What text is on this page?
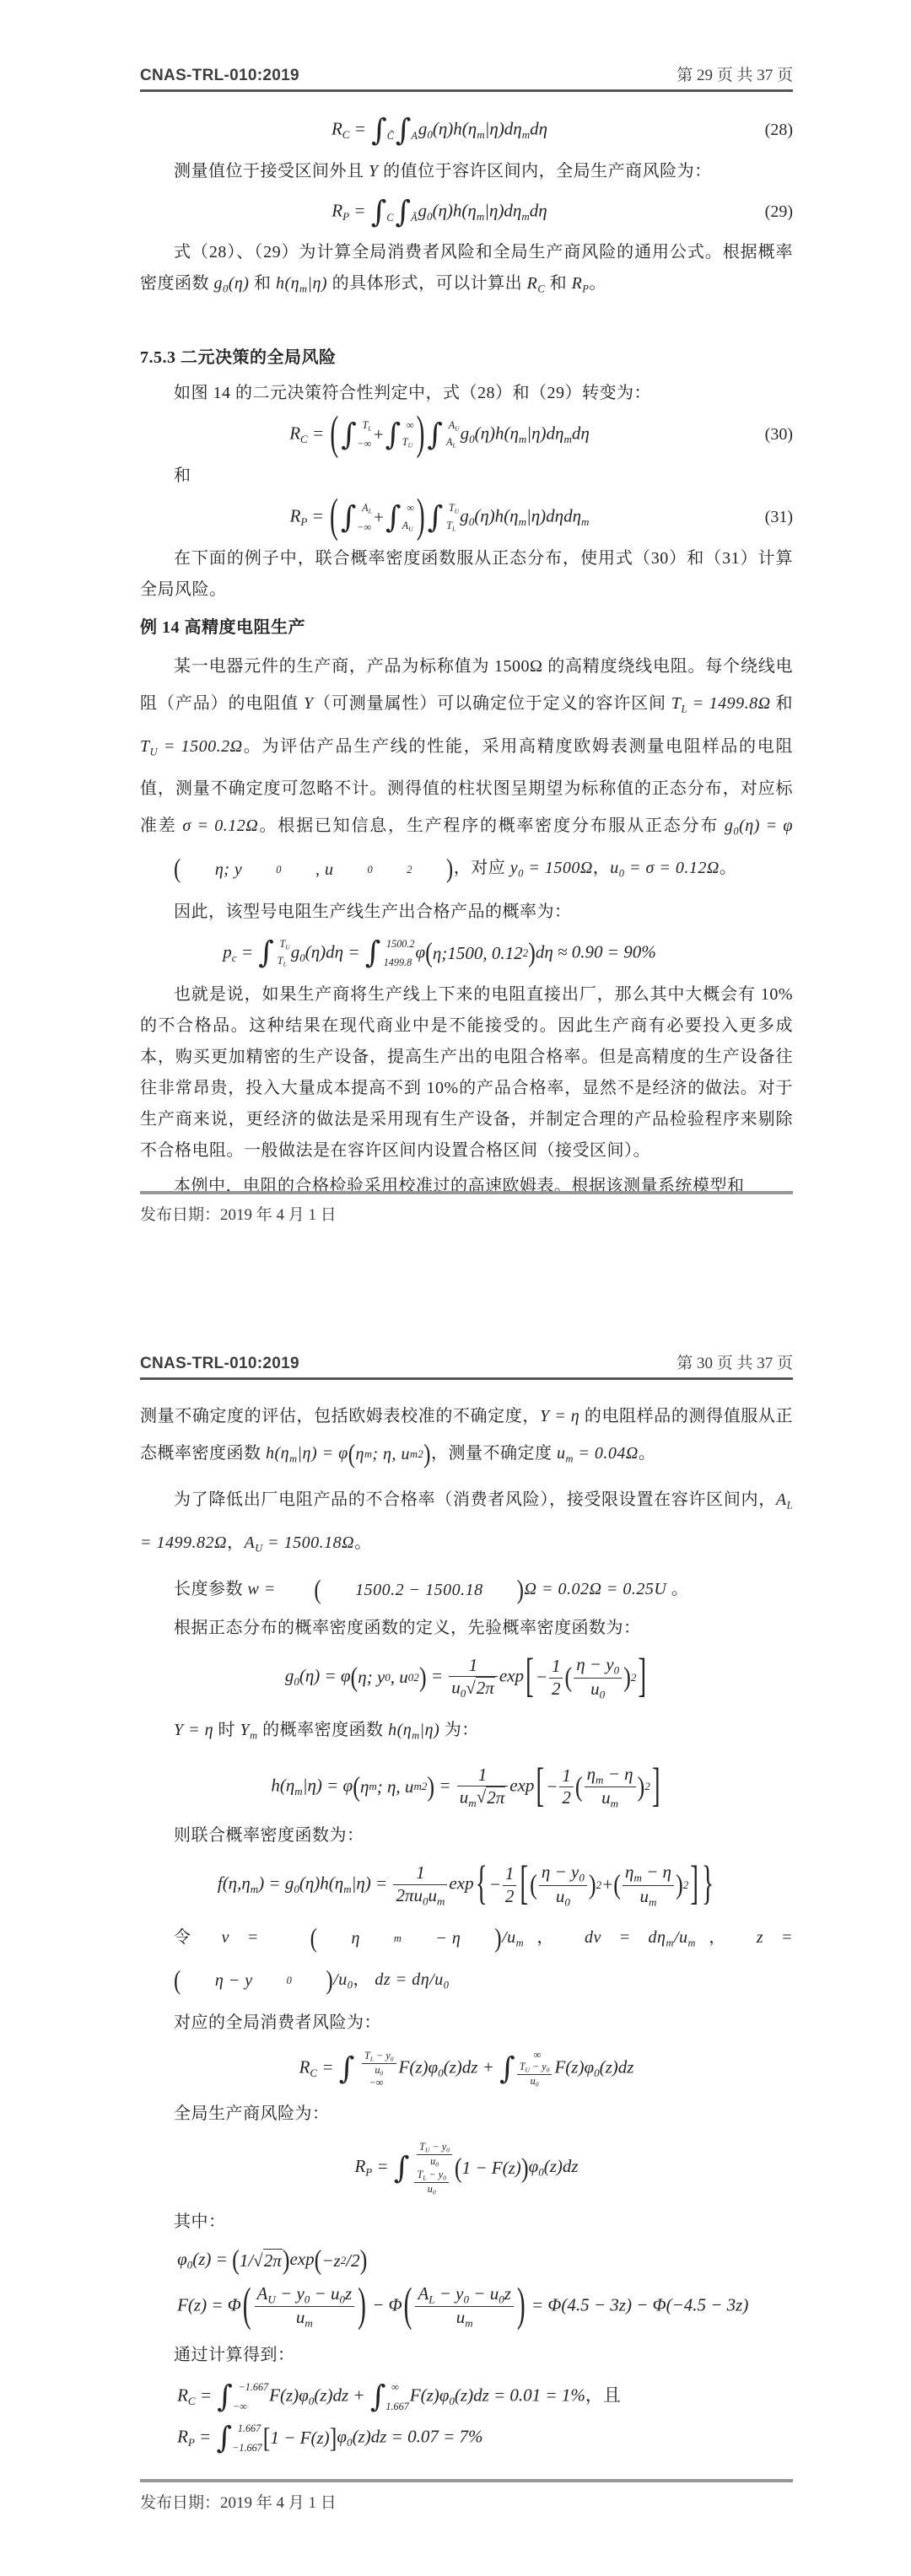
CNAS-TRL-010:2019	第 29 页 共 37 页
$R_C$ = ∫ C̃ ∫ A $g_0(\eta)h(\eta_m|\eta)d\eta_md\eta$	(28)

测量值位于接受区间外且 Y 的值位于容许区间内，全局生产商风险为：

$R_P$ = ∫ C ∫ Ã $g_0(\eta)h(\eta_m|\eta)d\eta_md\eta$	(29)

式（28）、（29）为计算全局消费者风险和全局生产商风险的通用公式。根据概率密度函数 $g_0(\eta)$ 和 $h(\eta_m|\eta)$ 的具体形式，可以计算出 $R_C$ 和 $R_P$。

7.5.3 二元决策的全局风险

如图 14 的二元决策符合性判定中，式（28）和（29）转变为：

$R_C$ = ( ∫ $T_L$
−∞ + ∫ ∞
$T_U$ ) ∫ $A_U$
$A_L$
$g_0(\eta)h(\eta_m|\eta)d\eta_md\eta$	(30)

和

$R_P$ = ( ∫ $A_L$
−∞ + ∫ ∞
$A_U$ ) ∫ $T_U$
$T_L$
$g_0(\eta)h(\eta_m|\eta)d\eta d\eta_m$	(31)

在下面的例子中，联合概率密度函数服从正态分布，使用式（30）和（31）计算全局风险。

例 14 高精度电阻生产

某一电器元件的生产商，产品为标称值为 1500Ω 的高精度绕线电阻。每个绕线电阻（产品）的电阻值 Y（可测量属性）可以确定位于定义的容许区间 $T_L = 1499.8\Omega$ 和 $T_U = 1500.2\Omega$。为评估产品生产线的性能，采用高精度欧姆表测量电阻样品的电阻值，测量不确定度可忽略不计。测得值的柱状图呈期望为标称值的正态分布，对应标准差 σ = 0.12Ω。根据已知信息，生产程序的概率密度分布服从正态分布 $g_0(\eta) = \varphi$
(	η; y	0	, u	0	2	) ，对应 $y_0 = 1500\Omega$，$u_0 = \sigma = 0.12\Omega$。

因此，该型号电阻生产线生产出合格产品的概率为：

$p_c$ = ∫ $T_U$
$T_L$
$g_0(\eta)d\eta$ = ∫ 1500.2
1499.8
φ ( η;1500, 0.12 2 ) dη ≈ 0.90 = 90%

也就是说，如果生产商将生产线上下来的电阻直接出厂，那么其中大概会有 10%的不合格品。这种结果在现代商业中是不能接受的。因此生产商有必要投入更多成本，购买更加精密的生产设备，提高生产出的电阻合格率。但是高精度的生产设备往往非常昂贵，投入大量成本提高不到 10%的产品合格率，显然不是经济的做法。对于生产商来说，更经济的做法是采用现有生产设备，并制定合理的产品检验程序来剔除不合格电阻。一般做法是在容许区间内设置合格区间（接受区间）。

本例中，电阻的合格检验采用校准过的高速欧姆表。根据该测量系统模型和

发布日期：2019 年 4 月 1 日
CNAS-TRL-010:2019	第 30 页 共 37 页

测量不确定度的评估，包括欧姆表校准的不确定度，Y = η 的电阻样品的测得值服从正态概率密度函数 $h(\eta_m|\eta) = \varphi$ ( η m ; η, u m 2 ) ，测量不确定度 $u_m = 0.04\Omega$。

为了降低出厂电阻产品的不合格率（消费者风险），接受限设置在容许区间内，$A_L = 1499.82\Omega$，$A_U = 1500.18\Omega$。

长度参数 w =	(	1500.2 − 1500.18	) Ω = 0.02Ω = 0.25U 。

根据正态分布的概率密度函数的定义，先验概率密度函数为：

$g_0(\eta) = \varphi$ ( η; y 0 , u 0 2 ) = $\frac{1}{u_0 √ 2\pi}$ exp [ − $\frac{1}{2}$ ( $\frac{\eta - y_0}{u_0}$ ) 2 ]

Y = η 时 $Y_m$ 的概率密度函数 $h(\eta_m|\eta)$ 为：

$h(\eta_m|\eta) = \varphi$ ( η m ; η, u m 2 ) = $\frac{1}{u_m √ 2\pi}$ exp [ − $\frac{1}{2}$ ( $\frac{\eta_m - \eta}{u_m}$ ) 2 ]

则联合概率密度函数为：

$f(\eta,\eta_m) = g_0(\eta)h(\eta_m|\eta) = \frac{1}{2\pi u_0u_m}$ exp { − $\frac{1}{2}$ [ ( $\frac{\eta - y_0}{u_0}$ ) 2 + ( $\frac{\eta_m - \eta}{u_m}$ ) 2 ] }

令 v =	(	η	m	− η	) $/u_m$， dv = $d\eta_m/u_m$， z =
(	η − y	0	) $/u_0$， dz = $d\eta/u_0$

对应的全局消费者风险为：

$R_C$ = ∫ $\frac{T_L - y_0}{u_0}$
−∞
$F(z)\varphi_0(z)dz$ + ∫	∞
$\frac{T_U - y_0}{u_0} F(z)\varphi_0(z)dz$

全局生产商风险为：

$R_P$ = ∫ $\frac{T_U - y_0}{u_0}$
$\frac{T_L - y_0}{u_0}$ ( 1 − F(z) ) $\varphi_0(z)dz$

其中：

$\varphi_0(z)$ = ( 1/ √ 2π ) exp ( −z 2 /2 )
F(z) = Φ ( $\frac{A_U - y_0 - u_0z}{u_m}$ ) − Φ ( $\frac{A_L - y_0 - u_0z}{u_m}$ ) = Φ(4.5 − 3z) − Φ(−4.5 − 3z)

通过计算得到：

$R_C$ = ∫ −1.667
−∞
$F(z)\varphi_0(z)dz$ + ∫ ∞
1.667
$F(z)\varphi_0(z)dz = 0.01 = 1\%$，且
$R_P$ = ∫ 1.667
−1.667 [ 1 − F(z) ] $\varphi_0(z)dz = 0.07 = 7\%$
发布日期：2019 年 4 月 1 日
